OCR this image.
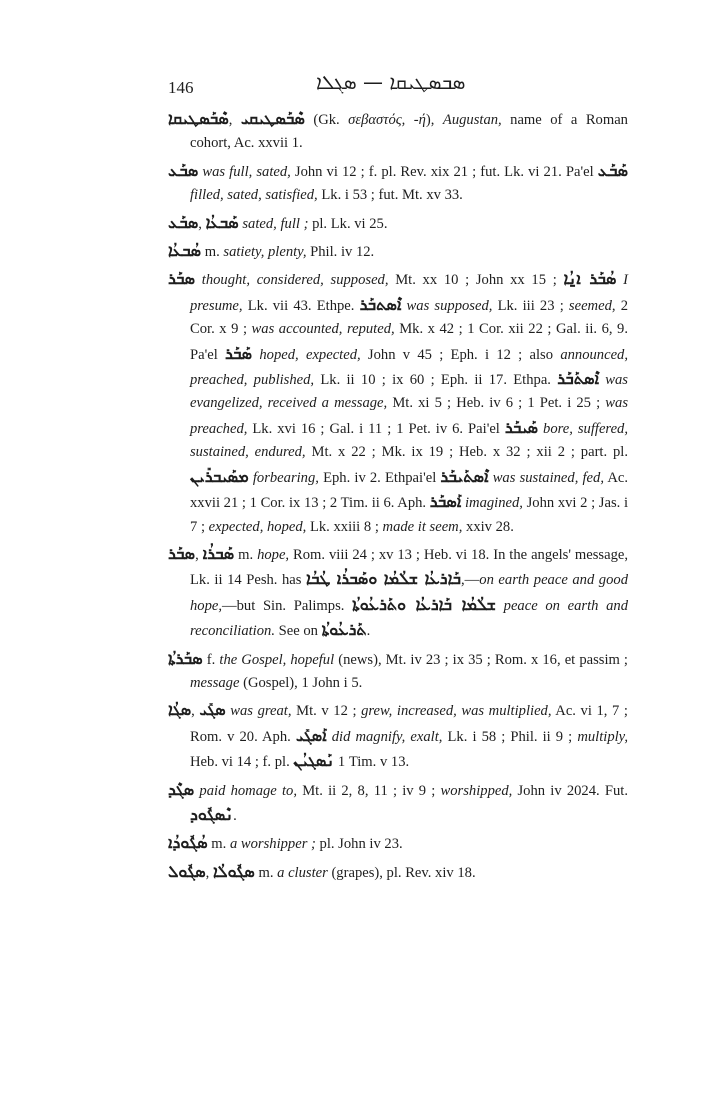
146	ܣܒܣܛܝܩܐ — ܣܓܠܐ

ܣܶܒܰܣܛܝܩܐ, ܣܶܒܰܣܛܝܩܝ (Gk. σεβαστός, -ή), Augustan, name of a Roman cohort, Ac. xxvii 1.

ܣܒܰܥ was full, sated, John vi 12 ; f. pl. Rev. xix 21 ; fut. Lk. vi 21. Pa'el ܣܰܒܰܥ filled, sated, satisfied, Lk. i 53 ; fut. Mt. xv 33.

ܣܒܰܥ, ܣܰܒܥܳܐ sated, full ; pl. Lk. vi 25.

ܣܳܒܥܳܐ m. satiety, plenty, Phil. iv 12.

ܣܒܰܪ thought, considered, supposed, Mt. xx 10 ; John xx 15 ; ܣܳܒܰܪ ܐ̱ܢܳܐ I presume, Lk. vii 43. Ethpe. ܐܶܣܬܒܰܪ was supposed, Lk. iii 23 ; seemed, 2 Cor. x 9 ; was accounted, reputed, Mk. x 42 ; 1 Cor. xii 22 ; Gal. ii. 6, 9. Pa'el ܣܰܒܰܪ hoped, expected, John v 45 ; Eph. i 12 ; also announced, preached, published, Lk. ii 10 ; ix 60 ; Eph. ii 17. Ethpa. ܐܶܣܬܰܒܰܪ was evangelized, received a message, Mt. xi 5 ; Heb. iv 6 ; 1 Pet. i 25 ; was preached, Lk. xvi 16 ; Gal. i 11 ; 1 Pet. iv 6. Pai'el ܣܰܝܒܰܪ bore, suffered, sustained, endured, Mt. x 22 ; Mk. ix 19 ; Heb. x 32 ; xii 2 ; part. pl. ܡܣܰܝܒܪܺܝܢ forbearing, Eph. iv 2. Ethpai'el ܐܶܣܬܰܝܒܰܪ was sustained, fed, Ac. xxvii 21 ; 1 Cor. ix 13 ; 2 Tim. ii 6. Aph. ܐܰܣܒܰܪ imagined, John xvi 2 ; Jas. i 7 ; expected, hoped, Lk. xxiii 8 ; made it seem, xxiv 28.

ܣܒܰܪ, ܣܰܒܪܳܐ m. hope, Rom. viii 24 ; xv 13 ; Heb. vi 18. In the angels' message, Lk. ii 14 Pesh. has ܒܰܐܪܥܳܐ ܫܠܳܡܳܐ ܘܣܰܒܪܳܐ ܛܳܒܳܐ,—on earth peace and good hope,—but Sin. Palimps. ܫܠܳܡܳܐ ܒܰܐܪܥܳܐ ܘܬܰܪܥܳܘܬܳܐ peace on earth and reconciliation. See on ܬܰܪܥܳܘܬܳܐ.

ܣܒܰܪܬܳܐ f. the Gospel, hopeful (news), Mt. iv 23 ; ix 35 ; Rom. x 16, et passim ; message (Gospel), 1 John i 5.

ܣܓܳܐ, ܣܓܺܝ was great, Mt. v 12 ; grew, increased, was multiplied, Ac. vi 1, 7 ; Rom. v 20. Aph. ܐܰܣܓܺܝ did magnify, exalt, Lk. i 58 ; Phil. ii 9 ; multiply, Heb. vi 14 ; f. pl. ܢܰܣܓܝܳܢ 1 Tim. v 13.

ܣܓܶܕ paid homage to, Mt. ii 2, 8, 11 ; iv 9 ; worshipped, John iv 2024. Fut. ܢܶܣܓܽܘܕ.

ܣܳܓܽܘܕܳܐ m. a worshipper ; pl. John iv 23.

ܣܓܽܘܠ, ܣܓܽܘܠܳܐ m. a cluster (grapes), pl. Rev. xiv 18.
